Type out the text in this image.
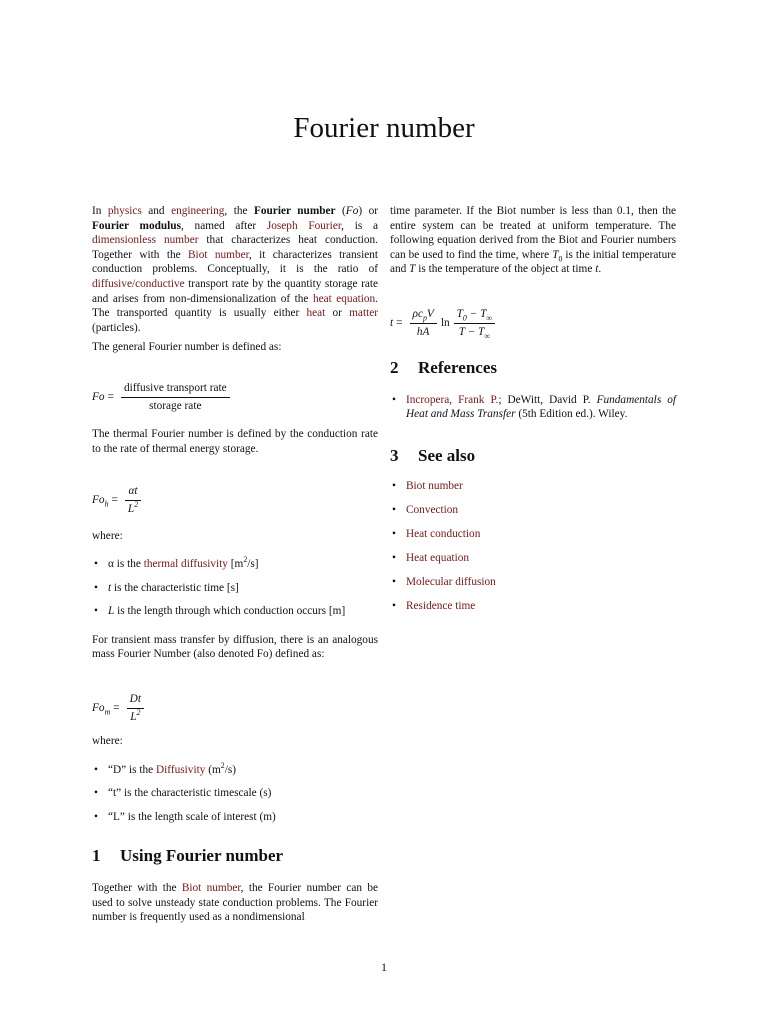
Fourier number

In physics and engineering, the Fourier number (Fo) or Fourier modulus, named after Joseph Fourier, is a dimensionless number that characterizes heat conduction. Together with the Biot number, it characterizes transient conduction problems. Conceptually, it is the ratio of diffusive/conductive transport rate by the quantity storage rate and arises from non-dimensionalization of the heat equation. The transported quantity is usually either heat or matter (particles).

The general Fourier number is defined as:

$Fo = \frac{\text{diffusive transport rate}}{\text{storage rate}}$

The thermal Fourier number is defined by the conduction rate to the rate of thermal energy storage.

$Fo_h = \frac{\alpha t}{L^2}$

where:

• α is the thermal diffusivity $[m^2/s]$
• t is the characteristic time [s]
• L is the length through which conduction occurs [m]

For transient mass transfer by diffusion, there is an analogous mass Fourier Number (also denoted Fo) defined as:

$Fo_m = \frac{Dt}{L^2}$

where:

• “D” is the Diffusivity $(m^2/s)$
• “t” is the characteristic timescale (s)
• “L” is the length scale of interest (m)
1 Using Fourier number

Together with the Biot number, the Fourier number can be used to solve unsteady state conduction problems. The Fourier number is frequently used as a nondimensional

time parameter. If the Biot number is less than 0.1, then the entire system can be treated at uniform temperature. The following equation derived from the Biot and Fourier numbers can be used to find the time, where $T_0$ is the initial temperature and T is the temperature of the object at time t.

$t = \frac{\rho c_pV}{hA}$ $\ln \frac{T_0 - T_\infty}{T - T_\infty}$
2 References
• Incropera, Frank P.; DeWitt, David P. Fundamentals of Heat and Mass Transfer (5th Edition ed.). Wiley.
3 See also
• Biot number
• Convection
• Heat conduction
• Heat equation
• Molecular diffusion
• Residence time
1
